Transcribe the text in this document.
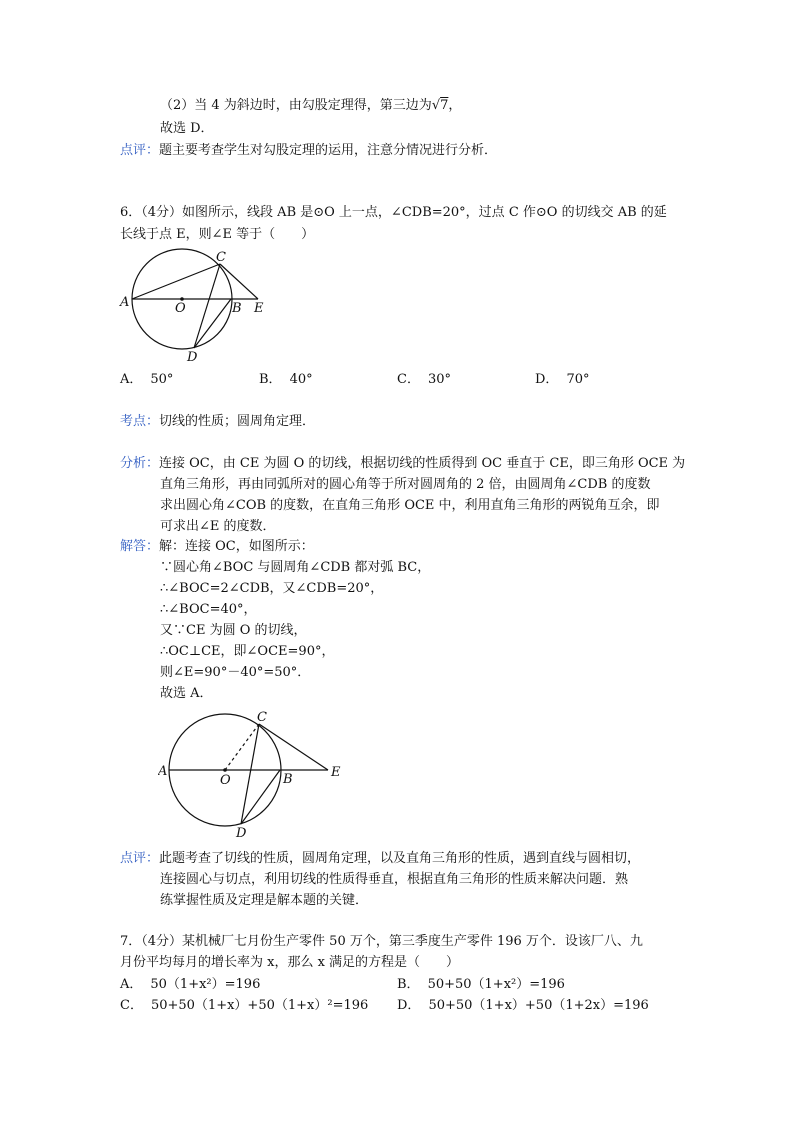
（2）当 4 为斜边时，由勾股定理得，第三边为√7，
故选 D．
点评：题主要考查学生对勾股定理的运用，注意分情况进行分析．
6．（4分）如图所示，线段 AB 是⊙O 上一点，∠CDB=20°，过点 C 作⊙O 的切线交 AB 的延
长线于点 E，则∠E 等于（　　）
A	O	B E
C
D
A． 50°	B． 40°	C． 30°	D． 70°
考点：切线的性质；圆周角定理．
分析：连接 OC，由 CE 为圆 O 的切线，根据切线的性质得到 OC 垂直于 CE，即三角形 OCE 为
直角三角形，再由同弧所对的圆心角等于所对圆周角的 2 倍，由圆周角∠CDB 的度数
求出圆心角∠COB 的度数，在直角三角形 OCE 中，利用直角三角形的两锐角互余，即
可求出∠E 的度数．
解答：解：连接 OC，如图所示：
∵圆心角∠BOC 与圆周角∠CDB 都对弧 BC，
∴∠BOC=2∠CDB，又∠CDB=20°，
∴∠BOC=40°，
又∵CE 为圆 O 的切线，
∴OC⊥CE，即∠OCE=90°，
则∠E=90°－40°=50°．
故选 A．
A
O	B	E
C
D
点评：此题考查了切线的性质，圆周角定理，以及直角三角形的性质，遇到直线与圆相切，
连接圆心与切点，利用切线的性质得垂直，根据直角三角形的性质来解决问题．熟
练掌握性质及定理是解本题的关键．
7．（4分）某机械厂七月份生产零件 50 万个，第三季度生产零件 196 万个．设该厂八、九
月份平均每月的增长率为 x，那么 x 满足的方程是（　　）
A． 50（1+x²）=196	B． 50+50（1+x²）=196
C． 50+50（1+x）+50（1+x）²=196 D． 50+50（1+x）+50（1+2x）=196
